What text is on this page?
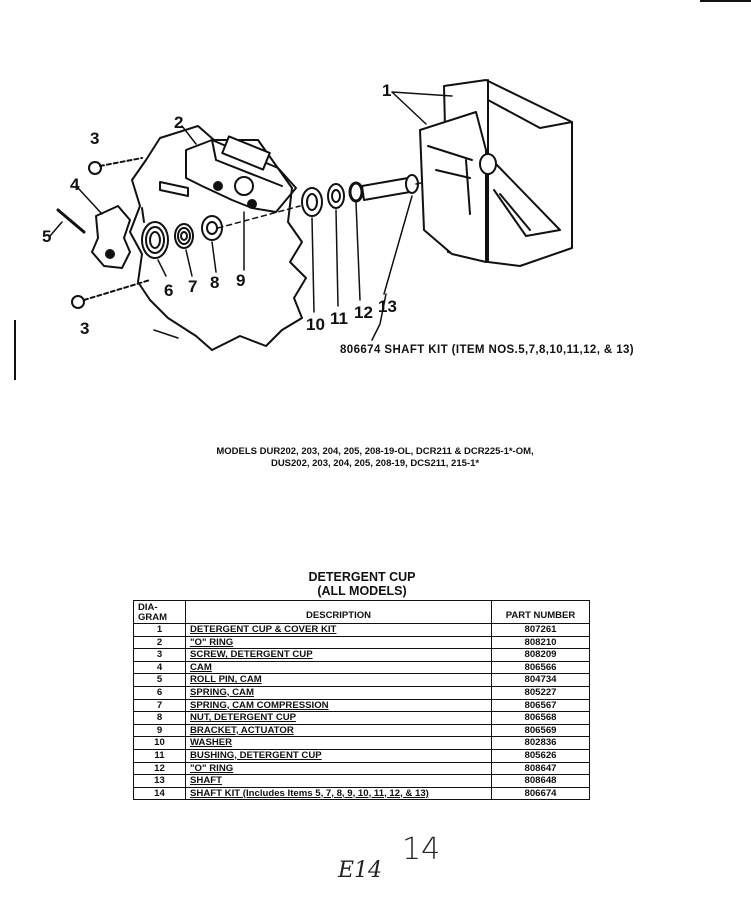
1
2
3
3
4
5
6 7 8 9
10 11 12 13
806674 SHAFT KIT (ITEM NOS.5,7,8,10,11,12, & 13)
MODELS DUR202, 203, 204, 205, 208-19-OL, DCR211 & DCR225-1*-OM,
DUS202, 203, 204, 205, 208-19, DCS211, 215-1*
DETERGENT CUP
(ALL MODELS)
DIA-
GRAM	DESCRIPTION	PART NUMBER
1	DETERGENT CUP & COVER KIT	807261
2	"O" RING	808210
3	SCREW, DETERGENT CUP	808209
4	CAM	806566
5	ROLL PIN, CAM	804734
6	SPRING, CAM	805227
7	SPRING, CAM COMPRESSION	806567
8	NUT, DETERGENT CUP	806568
9	BRACKET, ACTUATOR	806569
10	WASHER	802836
11	BUSHING, DETERGENT CUP	805626
12	"O" RING	808647
13	SHAFT	808648
14	SHAFT KIT (Includes Items 5, 7, 8, 9, 10, 11, 12, & 13)	806674
14
E14
